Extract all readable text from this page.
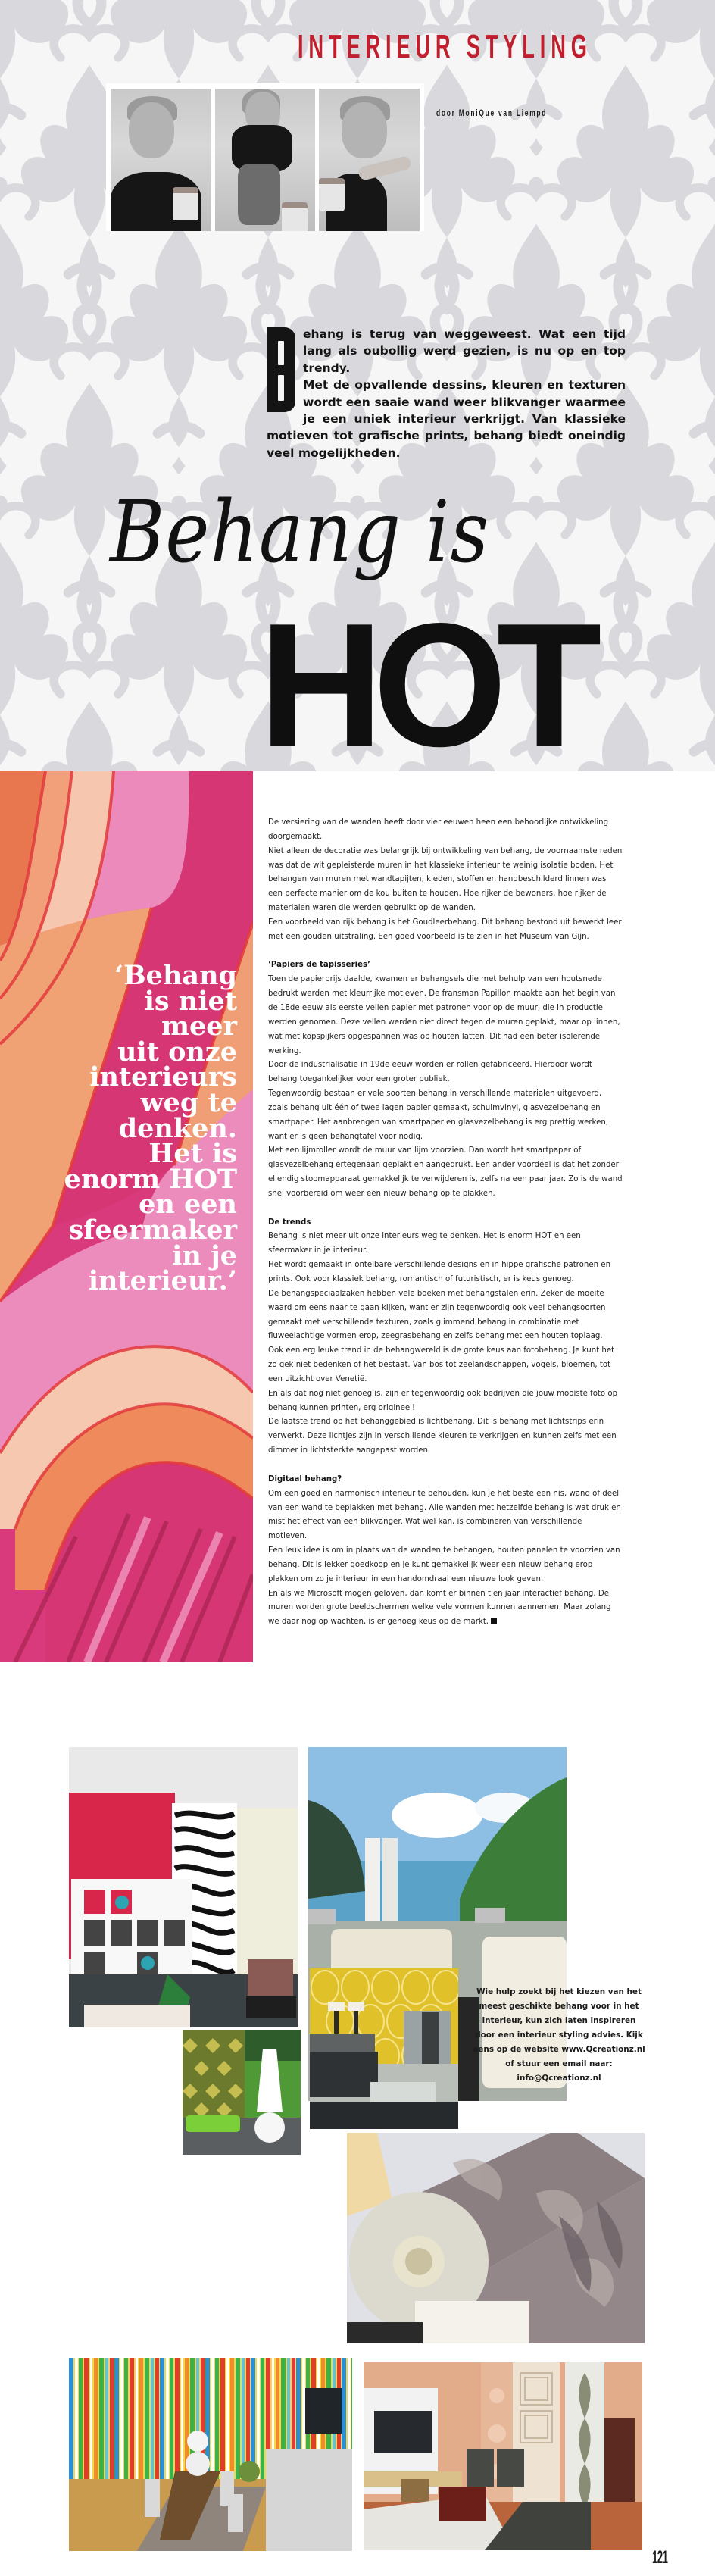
INTERIEUR STYLING
door MoniQue van Liempd

ehang is terug van weggeweest. Wat een tijd lang als oubollig werd gezien, is nu op en top trendy.

Met de opvallende dessins, kleuren en texturen wordt een saaie wand weer blikvanger waarmee je een uniek interieur verkrijgt. Van klassieke motieven tot grafische prints, behang biedt oneindig veel mogelijkheden.

Behang is
HOT
‘Behang
is niet
meer
uit onze
interieurs
weg te
denken.
Het is
enorm HOT
en een
sfeermaker
in je
interieur.’

De versiering van de wanden heeft door vier eeuwen heen een behoorlijke ontwikkeling doorgemaakt.

Niet alleen de decoratie was belangrijk bij ontwikkeling van behang, de voornaamste reden was dat de wit gepleisterde muren in het klassieke interieur te weinig isolatie boden. Het behangen van muren met wandtapijten, kleden, stoffen en handbeschilderd linnen was een perfecte manier om de kou buiten te houden. Hoe rijker de bewoners, hoe rijker de materialen waren die werden gebruikt op de wanden.

Een voorbeeld van rijk behang is het Goudleerbehang. Dit behang bestond uit bewerkt leer met een gouden uitstraling. Een goed voorbeeld is te zien in het Museum van Gijn.

‘Papiers de tapisseries’

Toen de papierprijs daalde, kwamen er behangsels die met behulp van een houtsnede bedrukt werden met kleurrijke motieven. De fransman Papillon maakte aan het begin van de 18de eeuw als eerste vellen papier met patronen voor op de muur, die in productie werden genomen. Deze vellen werden niet direct tegen de muren geplakt, maar op linnen, wat met kopspijkers opgespannen was op houten latten. Dit had een beter isolerende werking.

Door de industrialisatie in 19de eeuw worden er rollen gefabriceerd. Hierdoor wordt behang toegankelijker voor een groter publiek.

Tegenwoordig bestaan er vele soorten behang in verschillende materialen uitgevoerd, zoals behang uit één of twee lagen papier gemaakt, schuimvinyl, glasvezelbehang en smartpaper. Het aanbrengen van smartpaper en glasvezelbehang is erg prettig werken, want er is geen behangtafel voor nodig.

Met een lijmroller wordt de muur van lijm voorzien. Dan wordt het smartpaper of glasvezelbehang ertegenaan geplakt en aangedrukt. Een ander voordeel is dat het zonder ellendig stoomapparaat gemakkelijk te verwijderen is, zelfs na een paar jaar. Zo is de wand snel voorbereid om weer een nieuw behang op te plakken.

De trends

Behang is niet meer uit onze interieurs weg te denken. Het is enorm HOT en een sfeermaker in je interieur.

Het wordt gemaakt in ontelbare verschillende designs en in hippe grafische patronen en prints. Ook voor klassiek behang, romantisch of futuristisch, er is keus genoeg.

De behangspeciaalzaken hebben vele boeken met behangstalen erin. Zeker de moeite waard om eens naar te gaan kijken, want er zijn tegenwoordig ook veel behangsoorten gemaakt met verschillende texturen, zoals glimmend behang in combinatie met fluweelachtige vormen erop, zeegrasbehang en zelfs behang met een houten toplaag.

Ook een erg leuke trend in de behangwereld is de grote keus aan fotobehang. Je kunt het zo gek niet bedenken of het bestaat. Van bos tot zeelandschappen, vogels, bloemen, tot een uitzicht over Venetië.

En als dat nog niet genoeg is, zijn er tegenwoordig ook bedrijven die jouw mooiste foto op behang kunnen printen, erg origineel!

De laatste trend op het behanggebied is lichtbehang. Dit is behang met lichtstrips erin verwerkt. Deze lichtjes zijn in verschillende kleuren te verkrijgen en kunnen zelfs met een dimmer in lichtsterkte aangepast worden.

Digitaal behang?

Om een goed en harmonisch interieur te behouden, kun je het beste een nis, wand of deel van een wand te beplakken met behang. Alle wanden met hetzelfde behang is wat druk en mist het effect van een blikvanger. Wat wel kan, is combineren van verschillende motieven.

Een leuk idee is om in plaats van de wanden te behangen, houten panelen te voorzien van behang. Dit is lekker goedkoop en je kunt gemakkelijk weer een nieuw behang erop plakken om zo je interieur in een handomdraai een nieuwe look geven.

En als we Microsoft mogen geloven, dan komt er binnen tien jaar interactief behang. De muren worden grote beeldschermen welke vele vormen kunnen aannemen. Maar zolang we daar nog op wachten, is er genoeg keus op de markt.

Wie hulp zoekt bij het kiezen van het meest geschikte behang voor in het interieur, kun zich laten inspireren door een interieur styling advies. Kijk eens op de website www.Qcreationz.nl of stuur een email naar: info@Qcreationz.nl
121
